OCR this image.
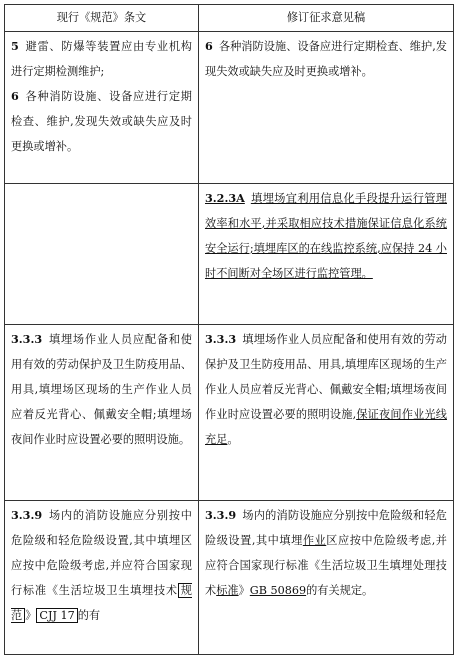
现行《规范》条文	修订征求意见稿

5 避雷、防爆等装置应由专业机构进行定期检测维护;
6 各种消防设施、设备应进行定期检查、维护,发现失效或缺失应及时更换或增补。	6 各种消防设施、设备应进行定期检查、维护,发现失效或缺失应及时更换或增补。

	3.2.3A 填埋场宜利用信息化手段提升运行管理效率和水平,并采取相应技术措施保证信息化系统安全运行;填埋库区的在线监控系统,应保持 24 小时不间断对全场区进行监控管理。
3.3.3 填埋场作业人员应配备和使用有效的劳动保护及卫生防疫用品、用具,填埋场区现场的生产作业人员应着反光背心、佩戴安全帽;填埋场夜间作业时应设置必要的照明设施。	3.3.3 填埋场作业人员应配备和使用有效的劳动保护及卫生防疫用品、用具,填埋库区现场的生产作业人员应着反光背心、佩戴安全帽;填埋场夜间作业时应设置必要的照明设施,保证夜间作业光线充足。
3.3.9 场内的消防设施应分别按中危险级和轻危险级设置,其中填埋区应按中危险级考虑,并应符合国家现行标准《生活垃圾卫生填埋技术 规范 》 CJJ 17 的有	3.3.9 场内的消防设施应分别按中危险级和轻危险级设置,其中填埋作业区应按中危险级考虑,并应符合国家现行标准《生活垃圾卫生填埋处理技术标准》GB 50869的有关规定。
